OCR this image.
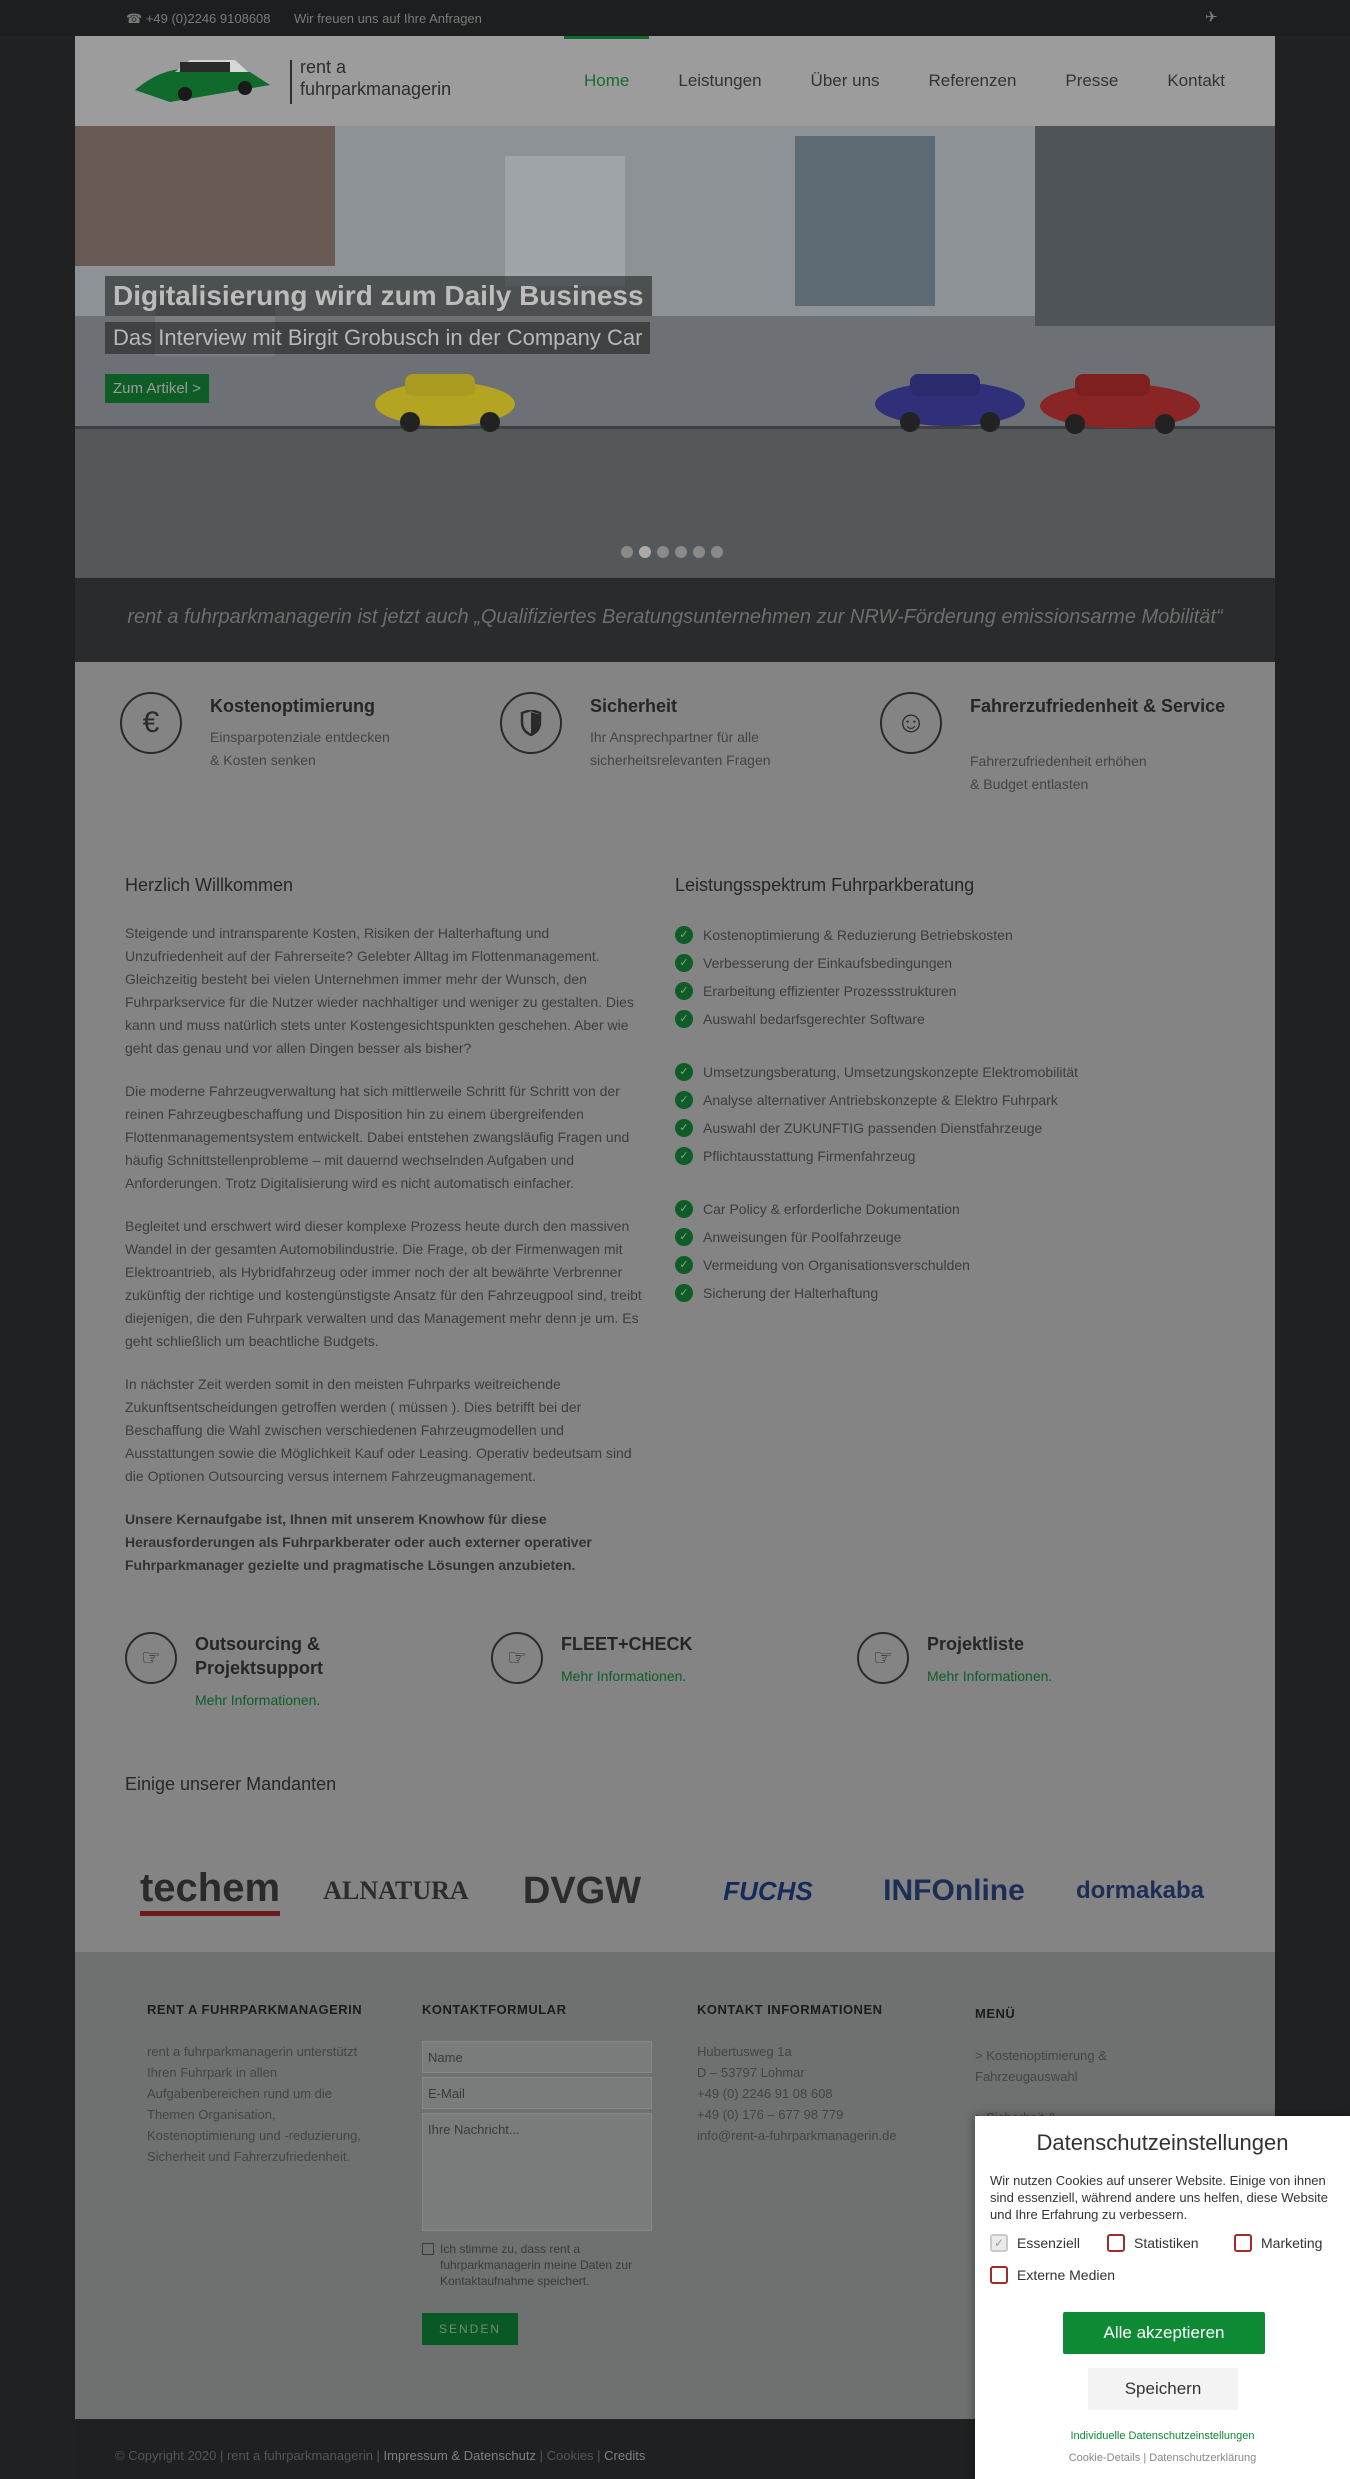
☎ +49 (0)2246 9108608 Wir freuen uns auf Ihre Anfragen	✈
rent a
fuhrparkmanagerin	Home	Leistungen	Über uns	Referenzen	Presse	Kontakt
Digitalisierung wird zum Daily Business
Das Interview mit Birgit Grobusch in der Company Car
Zum Artikel >
rent a fuhrparkmanagerin ist jetzt auch „Qualifiziertes Beratungsunternehmen zur NRW-Förderung emissionsarme Mobilität“
€	Kostenoptimierung
Einsparpotenziale entdecken
& Kosten senken
Sicherheit
Ihr Ansprechpartner für alle
sicherheitsrelevanten Fragen
☺	Fahrerzufriedenheit & Service
Fahrerzufriedenheit erhöhen
& Budget entlasten
Herzlich Willkommen

Steigende und intransparente Kosten, Risiken der Halterhaftung und Unzufriedenheit auf der Fahrerseite? Gelebter Alltag im Flottenmanagement. Gleichzeitig besteht bei vielen Unternehmen immer mehr der Wunsch, den Fuhrparkservice für die Nutzer wieder nachhaltiger und weniger zu gestalten. Dies kann und muss natürlich stets unter Kostengesichtspunkten geschehen. Aber wie geht das genau und vor allen Dingen besser als bisher?

Die moderne Fahrzeugverwaltung hat sich mittlerweile Schritt für Schritt von der reinen Fahrzeugbeschaffung und Disposition hin zu einem übergreifenden Flottenmanagementsystem entwickelt. Dabei entstehen zwangsläufig Fragen und häufig Schnittstellenprobleme – mit dauernd wechselnden Aufgaben und Anforderungen. Trotz Digitalisierung wird es nicht automatisch einfacher.

Begleitet und erschwert wird dieser komplexe Prozess heute durch den massiven Wandel in der gesamten Automobilindustrie. Die Frage, ob der Firmenwagen mit Elektroantrieb, als Hybridfahrzeug oder immer noch der alt bewährte Verbrenner zukünftig der richtige und kostengünstigste Ansatz für den Fahrzeugpool sind, treibt diejenigen, die den Fuhrpark verwalten und das Management mehr denn je um. Es geht schließlich um beachtliche Budgets.

In nächster Zeit werden somit in den meisten Fuhrparks weitreichende Zukunftsentscheidungen getroffen werden ( müssen ). Dies betrifft bei der Beschaffung die Wahl zwischen verschiedenen Fahrzeugmodellen und Ausstattungen sowie die Möglichkeit Kauf oder Leasing. Operativ bedeutsam sind die Optionen Outsourcing versus internem Fahrzeugmanagement.

Unsere Kernaufgabe ist, Ihnen mit unserem Knowhow für diese Herausforderungen als Fuhrparkberater oder auch externer operativer Fuhrparkmanager gezielte und pragmatische Lösungen anzubieten.

Leistungsspektrum Fuhrparkberatung
✓	Kostenoptimierung & Reduzierung Betriebskosten
✓	Verbesserung der Einkaufsbedingungen
✓	Erarbeitung effizienter Prozessstrukturen
✓	Auswahl bedarfsgerechter Software
✓	Umsetzungsberatung, Umsetzungskonzepte Elektromobilität
✓	Analyse alternativer Antriebskonzepte & Elektro Fuhrpark
✓	Auswahl der ZUKUNFTIG passenden Dienstfahrzeuge
✓	Pflichtausstattung Firmenfahrzeug
✓	Car Policy & erforderliche Dokumentation
✓	Anweisungen für Poolfahrzeuge
✓	Vermeidung von Organisationsverschulden
✓	Sicherung der Halterhaftung
☞
Outsourcing &
Projektsupport
Mehr Informationen.
☞
FLEET+CHECK
Mehr Informationen.
☞
Projektliste
Mehr Informationen.
Einige unserer Mandanten
techem ALNATURA DVGW	FUCHS INFOnline dormakaba
RENT A FUHRPARKMANAGERIN
rent a fuhrparkmanagerin unterstützt Ihren Fuhrpark in allen Aufgabenbereichen rund um die Themen Organisation, Kostenoptimierung und -reduzierung, Sicherheit und Fahrerzufriedenheit.
KONTAKTFORMULAR
Name
E-Mail
Ihre Nachricht...
Ich stimme zu, dass rent a fuhrparkmanagerin meine Daten zur Kontaktaufnahme speichert.
SENDEN
KONTAKT INFORMATIONEN
Hubertusweg 1a
D – 53797 Lohmar
+49 (0) 2246 91 08 608
+49 (0) 176 – 677 98 779
info@rent-a-fuhrparkmanagerin.de
MENÜ
> Kostenoptimierung & Fahrzeugauswahl
© Copyright 2020 | rent a fuhrparkmanagerin | Impressum & Datenschutz | Cookies | Credits
Datenschutzeinstellungen
Wir nutzen Cookies auf unserer Website. Einige von ihnen sind essenziell, während andere uns helfen, diese Website und Ihre Erfahrung zu verbessern.
✓ Essenziell	Statistiken	Marketing
Externe Medien
Alle akzeptieren
Speichern
Individuelle Datenschutzeinstellungen
Cookie-Details | Datenschutzerklärung
